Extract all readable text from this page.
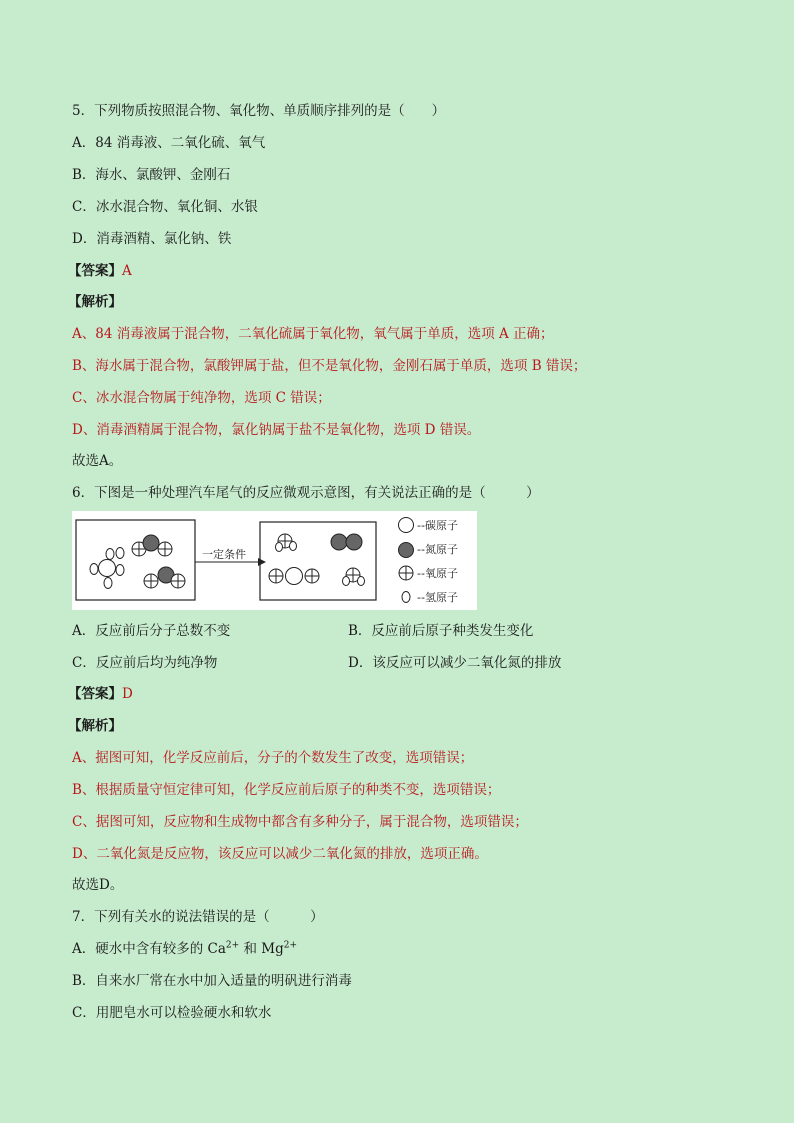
5．下列物质按照混合物、氧化物、单质顺序排列的是（　　）
A．84 消毒液、二氧化硫、氧气
B．海水、氯酸钾、金刚石
C．冰水混合物、氧化铜、水银
D．消毒酒精、氯化钠、铁
【答案】A
【解析】
A、84 消毒液属于混合物，二氧化硫属于氧化物，氧气属于单质，选项 A 正确；
B、海水属于混合物，氯酸钾属于盐，但不是氧化物，金刚石属于单质，选项 B 错误；
C、冰水混合物属于纯净物，选项 C 错误；
D、消毒酒精属于混合物，氯化钠属于盐不是氧化物，选项 D 错误。
故选A。
6．下图是一种处理汽车尾气的反应微观示意图，有关说法正确的是（　　　）
一定条件
--碳原子
--氮原子
--氧原子
--氢原子
A．反应前后分子总数不变	B．反应前后原子种类发生变化
C．反应前后均为纯净物	D．该反应可以减少二氧化氮的排放
【答案】D
【解析】
A、据图可知，化学反应前后，分子的个数发生了改变，选项错误；
B、根据质量守恒定律可知，化学反应前后原子的种类不变，选项错误；
C、据图可知，反应物和生成物中都含有多种分子，属于混合物，选项错误；
D、二氧化氮是反应物，该反应可以减少二氧化氮的排放，选项正确。
故选D。
7．下列有关水的说法错误的是（　　　）
A．硬水中含有较多的 $Ca^{2+}$ 和 $Mg^{2+}$
B．自来水厂常在水中加入适量的明矾进行消毒
C．用肥皂水可以检验硬水和软水
